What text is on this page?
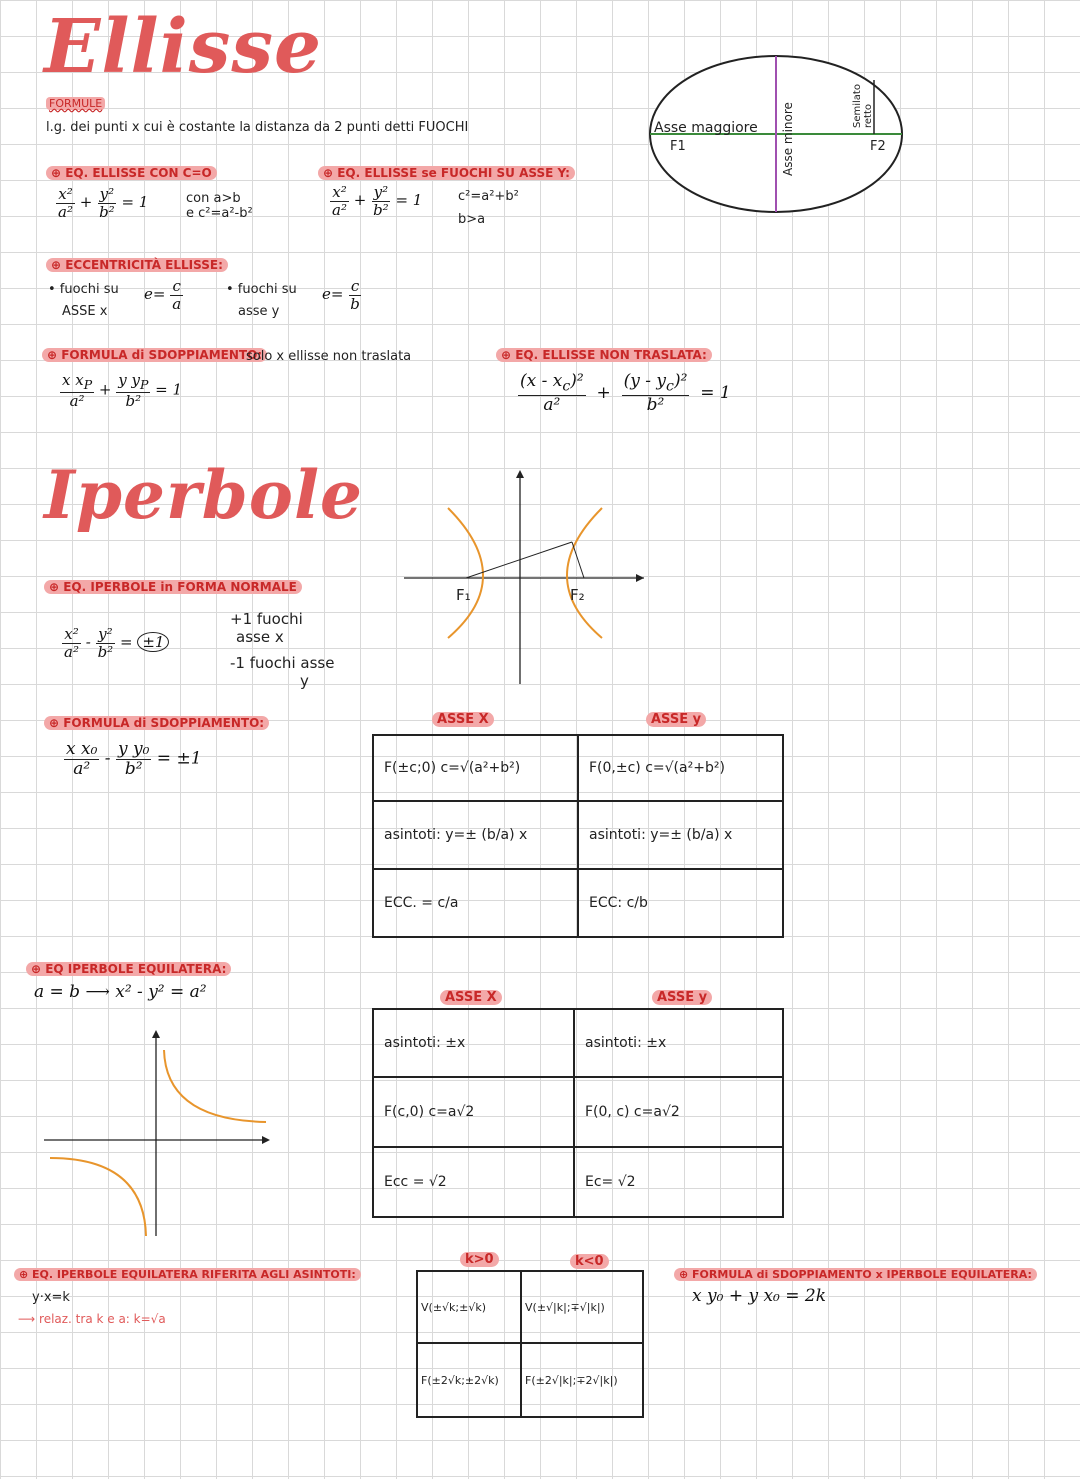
Ellisse
FORMULE
l.g. dei punti x cui è costante la distanza da 2 punti detti FUOCHI
⊕ EQ. ELLISSE CON C=O
$\frac{\text{x²}}{\text{a²}} + \frac{\text{y²}}{\text{b²}} = 1$	con a>b
e c²=a²-b²
⊕ EQ. ELLISSE se FUOCHI SU ASSE Y:
$\frac{\text{x²}}{\text{a²}} + \frac{\text{y²}}{\text{b²}} = 1$	c²=a²+b²
b>a
⊕ ECCENTRICITÀ ELLISSE:
• fuochi su
ASSE x
$e= \frac{c}{a}$	• fuochi su
asse y
$e= \frac{c}{b}$
⊕ FORMULA di SDOPPIAMENTO:
solo x ellisse non traslata
$\frac{x x_P}{\text{a²}} + \frac{y y_P}{\text{b²}} = 1$
⊕ EQ. ELLISSE NON TRASLATA:
$\frac{(x - x_c)^2}{\text{a²}} + \frac{(y - y_c)^2}{\text{b²}} = 1$
Asse maggiore
F1	F2
Asse minore	Semilato retto
Iperbole
⊕ EQ. IPERBOLE in FORMA NORMALE
$\frac{\text{x²}}{\text{a²}} - \frac{\text{y²}}{\text{b²}} = \pm 1$
+1 fuochi
asse x
-1 fuochi asse
y
⊕ FORMULA di SDOPPIAMENTO:
$\frac{\text{x x₀}}{\text{a²}} - \frac{\text{y y₀}}{\text{b²}} = \pm 1$
F₁	F₂
ASSE X	ASSE y
F(±c;0) c=√(a²+b²)	F(0,±c) c=√(a²+b²)
asintoti: y=± (b/a) x	asintoti: y=± (b/a) x
ECC. = c/a	ECC: c/b
⊕ EQ IPERBOLE EQUILATERA:
a = b ⟶ x² - y² = a²	ASSE X	ASSE y
asintoti: ±x	asintoti: ±x
F(c,0) c=a√2	F(0, c) c=a√2
Ecc = √2	Ec= √2
⊕ EQ. IPERBOLE EQUILATERA RIFERITA AGLI ASINTOTI:
y·x=k
⟶ relaz. tra k e a: k=√a
k>0	k<0
V(±√k;±√k)	V(±√|k|;∓√|k|)
F(±2√k;±2√k)	F(±2√|k|;∓2√|k|)
⊕ FORMULA di SDOPPIAMENTO x IPERBOLE EQUILATERA:
x y₀ + y x₀ = 2k
